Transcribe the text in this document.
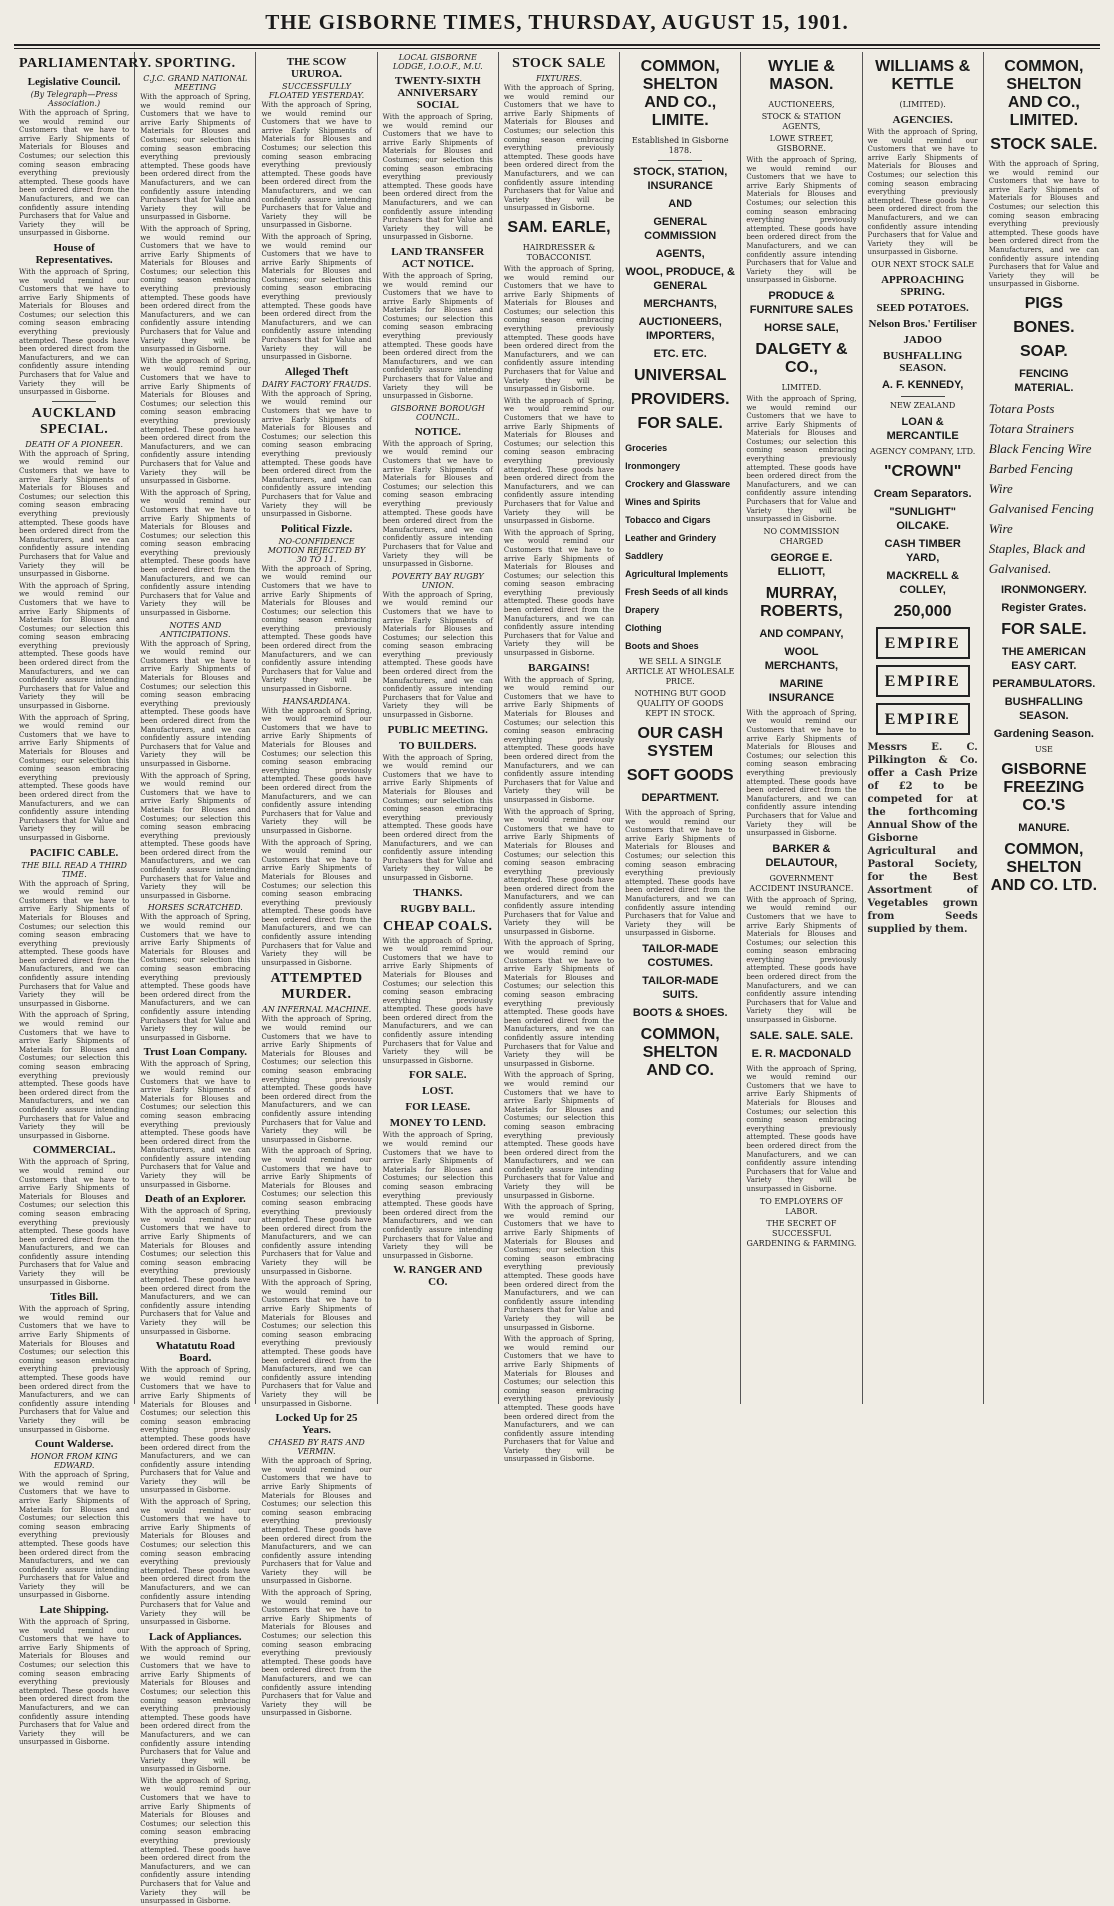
THE GISBORNE TIMES, THURSDAY, AUGUST 15, 1901.
PARLIAMENTARY.
Legislative Council.
(By Telegraph—Press Association.)

With the approach of Spring, we would remind our Customers that we have to arrive Early Shipments of Materials for Blouses and Costumes; our selection this coming season embracing everything previously attempted. These goods have been ordered direct from the Manufacturers, and we can confidently assure intending Purchasers that for Value and Variety they will be unsurpassed in Gisborne.

House of Representatives.

With the approach of Spring, we would remind our Customers that we have to arrive Early Shipments of Materials for Blouses and Costumes; our selection this coming season embracing everything previously attempted. These goods have been ordered direct from the Manufacturers, and we can confidently assure intending Purchasers that for Value and Variety they will be unsurpassed in Gisborne.

AUCKLAND SPECIAL.
DEATH OF A PIONEER.

With the approach of Spring, we would remind our Customers that we have to arrive Early Shipments of Materials for Blouses and Costumes; our selection this coming season embracing everything previously attempted. These goods have been ordered direct from the Manufacturers, and we can confidently assure intending Purchasers that for Value and Variety they will be unsurpassed in Gisborne.

With the approach of Spring, we would remind our Customers that we have to arrive Early Shipments of Materials for Blouses and Costumes; our selection this coming season embracing everything previously attempted. These goods have been ordered direct from the Manufacturers, and we can confidently assure intending Purchasers that for Value and Variety they will be unsurpassed in Gisborne.

With the approach of Spring, we would remind our Customers that we have to arrive Early Shipments of Materials for Blouses and Costumes; our selection this coming season embracing everything previously attempted. These goods have been ordered direct from the Manufacturers, and we can confidently assure intending Purchasers that for Value and Variety they will be unsurpassed in Gisborne.

PACIFIC CABLE.
THE BILL READ A THIRD TIME.

With the approach of Spring, we would remind our Customers that we have to arrive Early Shipments of Materials for Blouses and Costumes; our selection this coming season embracing everything previously attempted. These goods have been ordered direct from the Manufacturers, and we can confidently assure intending Purchasers that for Value and Variety they will be unsurpassed in Gisborne.

With the approach of Spring, we would remind our Customers that we have to arrive Early Shipments of Materials for Blouses and Costumes; our selection this coming season embracing everything previously attempted. These goods have been ordered direct from the Manufacturers, and we can confidently assure intending Purchasers that for Value and Variety they will be unsurpassed in Gisborne.

COMMERCIAL.

With the approach of Spring, we would remind our Customers that we have to arrive Early Shipments of Materials for Blouses and Costumes; our selection this coming season embracing everything previously attempted. These goods have been ordered direct from the Manufacturers, and we can confidently assure intending Purchasers that for Value and Variety they will be unsurpassed in Gisborne.

Titles Bill.

With the approach of Spring, we would remind our Customers that we have to arrive Early Shipments of Materials for Blouses and Costumes; our selection this coming season embracing everything previously attempted. These goods have been ordered direct from the Manufacturers, and we can confidently assure intending Purchasers that for Value and Variety they will be unsurpassed in Gisborne.

Count Walderse.
HONOR FROM KING EDWARD.

With the approach of Spring, we would remind our Customers that we have to arrive Early Shipments of Materials for Blouses and Costumes; our selection this coming season embracing everything previously attempted. These goods have been ordered direct from the Manufacturers, and we can confidently assure intending Purchasers that for Value and Variety they will be unsurpassed in Gisborne.

Late Shipping.

With the approach of Spring, we would remind our Customers that we have to arrive Early Shipments of Materials for Blouses and Costumes; our selection this coming season embracing everything previously attempted. These goods have been ordered direct from the Manufacturers, and we can confidently assure intending Purchasers that for Value and Variety they will be unsurpassed in Gisborne.

SPORTING.
C.J.C. GRAND NATIONAL MEETING

With the approach of Spring, we would remind our Customers that we have to arrive Early Shipments of Materials for Blouses and Costumes; our selection this coming season embracing everything previously attempted. These goods have been ordered direct from the Manufacturers, and we can confidently assure intending Purchasers that for Value and Variety they will be unsurpassed in Gisborne.

With the approach of Spring, we would remind our Customers that we have to arrive Early Shipments of Materials for Blouses and Costumes; our selection this coming season embracing everything previously attempted. These goods have been ordered direct from the Manufacturers, and we can confidently assure intending Purchasers that for Value and Variety they will be unsurpassed in Gisborne.

With the approach of Spring, we would remind our Customers that we have to arrive Early Shipments of Materials for Blouses and Costumes; our selection this coming season embracing everything previously attempted. These goods have been ordered direct from the Manufacturers, and we can confidently assure intending Purchasers that for Value and Variety they will be unsurpassed in Gisborne.

With the approach of Spring, we would remind our Customers that we have to arrive Early Shipments of Materials for Blouses and Costumes; our selection this coming season embracing everything previously attempted. These goods have been ordered direct from the Manufacturers, and we can confidently assure intending Purchasers that for Value and Variety they will be unsurpassed in Gisborne.

NOTES AND ANTICIPATIONS.

With the approach of Spring, we would remind our Customers that we have to arrive Early Shipments of Materials for Blouses and Costumes; our selection this coming season embracing everything previously attempted. These goods have been ordered direct from the Manufacturers, and we can confidently assure intending Purchasers that for Value and Variety they will be unsurpassed in Gisborne.

With the approach of Spring, we would remind our Customers that we have to arrive Early Shipments of Materials for Blouses and Costumes; our selection this coming season embracing everything previously attempted. These goods have been ordered direct from the Manufacturers, and we can confidently assure intending Purchasers that for Value and Variety they will be unsurpassed in Gisborne.

HORSES SCRATCHED.

With the approach of Spring, we would remind our Customers that we have to arrive Early Shipments of Materials for Blouses and Costumes; our selection this coming season embracing everything previously attempted. These goods have been ordered direct from the Manufacturers, and we can confidently assure intending Purchasers that for Value and Variety they will be unsurpassed in Gisborne.

Trust Loan Company.

With the approach of Spring, we would remind our Customers that we have to arrive Early Shipments of Materials for Blouses and Costumes; our selection this coming season embracing everything previously attempted. These goods have been ordered direct from the Manufacturers, and we can confidently assure intending Purchasers that for Value and Variety they will be unsurpassed in Gisborne.

Death of an Explorer.

With the approach of Spring, we would remind our Customers that we have to arrive Early Shipments of Materials for Blouses and Costumes; our selection this coming season embracing everything previously attempted. These goods have been ordered direct from the Manufacturers, and we can confidently assure intending Purchasers that for Value and Variety they will be unsurpassed in Gisborne.

Whatatutu Road Board.

With the approach of Spring, we would remind our Customers that we have to arrive Early Shipments of Materials for Blouses and Costumes; our selection this coming season embracing everything previously attempted. These goods have been ordered direct from the Manufacturers, and we can confidently assure intending Purchasers that for Value and Variety they will be unsurpassed in Gisborne.

With the approach of Spring, we would remind our Customers that we have to arrive Early Shipments of Materials for Blouses and Costumes; our selection this coming season embracing everything previously attempted. These goods have been ordered direct from the Manufacturers, and we can confidently assure intending Purchasers that for Value and Variety they will be unsurpassed in Gisborne.

Lack of Appliances.

With the approach of Spring, we would remind our Customers that we have to arrive Early Shipments of Materials for Blouses and Costumes; our selection this coming season embracing everything previously attempted. These goods have been ordered direct from the Manufacturers, and we can confidently assure intending Purchasers that for Value and Variety they will be unsurpassed in Gisborne.

With the approach of Spring, we would remind our Customers that we have to arrive Early Shipments of Materials for Blouses and Costumes; our selection this coming season embracing everything previously attempted. These goods have been ordered direct from the Manufacturers, and we can confidently assure intending Purchasers that for Value and Variety they will be unsurpassed in Gisborne.

THE SCOW URUROA.
SUCCESSFULLY FLOATED YESTERDAY.

With the approach of Spring, we would remind our Customers that we have to arrive Early Shipments of Materials for Blouses and Costumes; our selection this coming season embracing everything previously attempted. These goods have been ordered direct from the Manufacturers, and we can confidently assure intending Purchasers that for Value and Variety they will be unsurpassed in Gisborne.

With the approach of Spring, we would remind our Customers that we have to arrive Early Shipments of Materials for Blouses and Costumes; our selection this coming season embracing everything previously attempted. These goods have been ordered direct from the Manufacturers, and we can confidently assure intending Purchasers that for Value and Variety they will be unsurpassed in Gisborne.

Alleged Theft
DAIRY FACTORY FRAUDS.

With the approach of Spring, we would remind our Customers that we have to arrive Early Shipments of Materials for Blouses and Costumes; our selection this coming season embracing everything previously attempted. These goods have been ordered direct from the Manufacturers, and we can confidently assure intending Purchasers that for Value and Variety they will be unsurpassed in Gisborne.

Political Fizzle.
NO-CONFIDENCE MOTION REJECTED BY 30 TO 11.

With the approach of Spring, we would remind our Customers that we have to arrive Early Shipments of Materials for Blouses and Costumes; our selection this coming season embracing everything previously attempted. These goods have been ordered direct from the Manufacturers, and we can confidently assure intending Purchasers that for Value and Variety they will be unsurpassed in Gisborne.

HANSARDIANA.

With the approach of Spring, we would remind our Customers that we have to arrive Early Shipments of Materials for Blouses and Costumes; our selection this coming season embracing everything previously attempted. These goods have been ordered direct from the Manufacturers, and we can confidently assure intending Purchasers that for Value and Variety they will be unsurpassed in Gisborne.

With the approach of Spring, we would remind our Customers that we have to arrive Early Shipments of Materials for Blouses and Costumes; our selection this coming season embracing everything previously attempted. These goods have been ordered direct from the Manufacturers, and we can confidently assure intending Purchasers that for Value and Variety they will be unsurpassed in Gisborne.

ATTEMPTED MURDER.
AN INFERNAL MACHINE.

With the approach of Spring, we would remind our Customers that we have to arrive Early Shipments of Materials for Blouses and Costumes; our selection this coming season embracing everything previously attempted. These goods have been ordered direct from the Manufacturers, and we can confidently assure intending Purchasers that for Value and Variety they will be unsurpassed in Gisborne.

With the approach of Spring, we would remind our Customers that we have to arrive Early Shipments of Materials for Blouses and Costumes; our selection this coming season embracing everything previously attempted. These goods have been ordered direct from the Manufacturers, and we can confidently assure intending Purchasers that for Value and Variety they will be unsurpassed in Gisborne.

With the approach of Spring, we would remind our Customers that we have to arrive Early Shipments of Materials for Blouses and Costumes; our selection this coming season embracing everything previously attempted. These goods have been ordered direct from the Manufacturers, and we can confidently assure intending Purchasers that for Value and Variety they will be unsurpassed in Gisborne.

Locked Up for 25 Years.
CHASED BY RATS AND VERMIN.

With the approach of Spring, we would remind our Customers that we have to arrive Early Shipments of Materials for Blouses and Costumes; our selection this coming season embracing everything previously attempted. These goods have been ordered direct from the Manufacturers, and we can confidently assure intending Purchasers that for Value and Variety they will be unsurpassed in Gisborne.

With the approach of Spring, we would remind our Customers that we have to arrive Early Shipments of Materials for Blouses and Costumes; our selection this coming season embracing everything previously attempted. These goods have been ordered direct from the Manufacturers, and we can confidently assure intending Purchasers that for Value and Variety they will be unsurpassed in Gisborne.

LOCAL GISBORNE LODGE, I.O.O.F., M.U.
TWENTY-SIXTH ANNIVERSARY SOCIAL

With the approach of Spring, we would remind our Customers that we have to arrive Early Shipments of Materials for Blouses and Costumes; our selection this coming season embracing everything previously attempted. These goods have been ordered direct from the Manufacturers, and we can confidently assure intending Purchasers that for Value and Variety they will be unsurpassed in Gisborne.

LAND TRANSFER ACT NOTICE.

With the approach of Spring, we would remind our Customers that we have to arrive Early Shipments of Materials for Blouses and Costumes; our selection this coming season embracing everything previously attempted. These goods have been ordered direct from the Manufacturers, and we can confidently assure intending Purchasers that for Value and Variety they will be unsurpassed in Gisborne.

GISBORNE BOROUGH COUNCIL.
NOTICE.

With the approach of Spring, we would remind our Customers that we have to arrive Early Shipments of Materials for Blouses and Costumes; our selection this coming season embracing everything previously attempted. These goods have been ordered direct from the Manufacturers, and we can confidently assure intending Purchasers that for Value and Variety they will be unsurpassed in Gisborne.

POVERTY BAY RUGBY UNION.

With the approach of Spring, we would remind our Customers that we have to arrive Early Shipments of Materials for Blouses and Costumes; our selection this coming season embracing everything previously attempted. These goods have been ordered direct from the Manufacturers, and we can confidently assure intending Purchasers that for Value and Variety they will be unsurpassed in Gisborne.

PUBLIC MEETING.
TO BUILDERS.

With the approach of Spring, we would remind our Customers that we have to arrive Early Shipments of Materials for Blouses and Costumes; our selection this coming season embracing everything previously attempted. These goods have been ordered direct from the Manufacturers, and we can confidently assure intending Purchasers that for Value and Variety they will be unsurpassed in Gisborne.

THANKS.
RUGBY BALL.
CHEAP COALS.

With the approach of Spring, we would remind our Customers that we have to arrive Early Shipments of Materials for Blouses and Costumes; our selection this coming season embracing everything previously attempted. These goods have been ordered direct from the Manufacturers, and we can confidently assure intending Purchasers that for Value and Variety they will be unsurpassed in Gisborne.

FOR SALE.
LOST.
FOR LEASE.
MONEY TO LEND.

With the approach of Spring, we would remind our Customers that we have to arrive Early Shipments of Materials for Blouses and Costumes; our selection this coming season embracing everything previously attempted. These goods have been ordered direct from the Manufacturers, and we can confidently assure intending Purchasers that for Value and Variety they will be unsurpassed in Gisborne.

W. RANGER AND CO.
STOCK SALE
FIXTURES.

With the approach of Spring, we would remind our Customers that we have to arrive Early Shipments of Materials for Blouses and Costumes; our selection this coming season embracing everything previously attempted. These goods have been ordered direct from the Manufacturers, and we can confidently assure intending Purchasers that for Value and Variety they will be unsurpassed in Gisborne.

SAM. EARLE,
HAIRDRESSER & TOBACCONIST.

With the approach of Spring, we would remind our Customers that we have to arrive Early Shipments of Materials for Blouses and Costumes; our selection this coming season embracing everything previously attempted. These goods have been ordered direct from the Manufacturers, and we can confidently assure intending Purchasers that for Value and Variety they will be unsurpassed in Gisborne.

With the approach of Spring, we would remind our Customers that we have to arrive Early Shipments of Materials for Blouses and Costumes; our selection this coming season embracing everything previously attempted. These goods have been ordered direct from the Manufacturers, and we can confidently assure intending Purchasers that for Value and Variety they will be unsurpassed in Gisborne.

With the approach of Spring, we would remind our Customers that we have to arrive Early Shipments of Materials for Blouses and Costumes; our selection this coming season embracing everything previously attempted. These goods have been ordered direct from the Manufacturers, and we can confidently assure intending Purchasers that for Value and Variety they will be unsurpassed in Gisborne.

BARGAINS!

With the approach of Spring, we would remind our Customers that we have to arrive Early Shipments of Materials for Blouses and Costumes; our selection this coming season embracing everything previously attempted. These goods have been ordered direct from the Manufacturers, and we can confidently assure intending Purchasers that for Value and Variety they will be unsurpassed in Gisborne.

With the approach of Spring, we would remind our Customers that we have to arrive Early Shipments of Materials for Blouses and Costumes; our selection this coming season embracing everything previously attempted. These goods have been ordered direct from the Manufacturers, and we can confidently assure intending Purchasers that for Value and Variety they will be unsurpassed in Gisborne.

With the approach of Spring, we would remind our Customers that we have to arrive Early Shipments of Materials for Blouses and Costumes; our selection this coming season embracing everything previously attempted. These goods have been ordered direct from the Manufacturers, and we can confidently assure intending Purchasers that for Value and Variety they will be unsurpassed in Gisborne.

With the approach of Spring, we would remind our Customers that we have to arrive Early Shipments of Materials for Blouses and Costumes; our selection this coming season embracing everything previously attempted. These goods have been ordered direct from the Manufacturers, and we can confidently assure intending Purchasers that for Value and Variety they will be unsurpassed in Gisborne.

With the approach of Spring, we would remind our Customers that we have to arrive Early Shipments of Materials for Blouses and Costumes; our selection this coming season embracing everything previously attempted. These goods have been ordered direct from the Manufacturers, and we can confidently assure intending Purchasers that for Value and Variety they will be unsurpassed in Gisborne.

With the approach of Spring, we would remind our Customers that we have to arrive Early Shipments of Materials for Blouses and Costumes; our selection this coming season embracing everything previously attempted. These goods have been ordered direct from the Manufacturers, and we can confidently assure intending Purchasers that for Value and Variety they will be unsurpassed in Gisborne.

COMMON, SHELTON AND CO., LIMITE.
Established in Gisborne 1878.
STOCK, STATION, INSURANCE
AND
GENERAL COMMISSION
AGENTS,
WOOL, PRODUCE, & GENERAL
MERCHANTS,
AUCTIONEERS, IMPORTERS,
ETC. ETC.
UNIVERSAL
PROVIDERS.
FOR SALE.
Groceries
Ironmongery
Crockery and Glassware
Wines and Spirits
Tobacco and Cigars
Leather and Grindery
Saddlery
Agricultural Implements
Fresh Seeds of all kinds
Drapery
Clothing
Boots and Shoes
WE SELL A SINGLE ARTICLE AT WHOLESALE PRICE.
NOTHING BUT GOOD QUALITY OF GOODS KEPT IN STOCK.
OUR CASH SYSTEM
SOFT GOODS
DEPARTMENT.

With the approach of Spring, we would remind our Customers that we have to arrive Early Shipments of Materials for Blouses and Costumes; our selection this coming season embracing everything previously attempted. These goods have been ordered direct from the Manufacturers, and we can confidently assure intending Purchasers that for Value and Variety they will be unsurpassed in Gisborne.

TAILOR-MADE COSTUMES.
TAILOR-MADE SUITS.
BOOTS & SHOES.
COMMON, SHELTON AND CO.
WYLIE & MASON.
AUCTIONEERS,
STOCK & STATION AGENTS,
LOWE STREET, GISBORNE.

With the approach of Spring, we would remind our Customers that we have to arrive Early Shipments of Materials for Blouses and Costumes; our selection this coming season embracing everything previously attempted. These goods have been ordered direct from the Manufacturers, and we can confidently assure intending Purchasers that for Value and Variety they will be unsurpassed in Gisborne.

PRODUCE & FURNITURE SALES
HORSE SALE,
DALGETY & CO.,
LIMITED.

With the approach of Spring, we would remind our Customers that we have to arrive Early Shipments of Materials for Blouses and Costumes; our selection this coming season embracing everything previously attempted. These goods have been ordered direct from the Manufacturers, and we can confidently assure intending Purchasers that for Value and Variety they will be unsurpassed in Gisborne.

NO COMMISSION CHARGED
GEORGE E. ELLIOTT,
MURRAY, ROBERTS,
AND COMPANY,
WOOL MERCHANTS,
MARINE INSURANCE

With the approach of Spring, we would remind our Customers that we have to arrive Early Shipments of Materials for Blouses and Costumes; our selection this coming season embracing everything previously attempted. These goods have been ordered direct from the Manufacturers, and we can confidently assure intending Purchasers that for Value and Variety they will be unsurpassed in Gisborne.

BARKER & DELAUTOUR,
GOVERNMENT ACCIDENT INSURANCE.

With the approach of Spring, we would remind our Customers that we have to arrive Early Shipments of Materials for Blouses and Costumes; our selection this coming season embracing everything previously attempted. These goods have been ordered direct from the Manufacturers, and we can confidently assure intending Purchasers that for Value and Variety they will be unsurpassed in Gisborne.

SALE. SALE. SALE.
E. R. MACDONALD

With the approach of Spring, we would remind our Customers that we have to arrive Early Shipments of Materials for Blouses and Costumes; our selection this coming season embracing everything previously attempted. These goods have been ordered direct from the Manufacturers, and we can confidently assure intending Purchasers that for Value and Variety they will be unsurpassed in Gisborne.

TO EMPLOYERS OF LABOR.
THE SECRET OF SUCCESSFUL GARDENING & FARMING.
WILLIAMS & KETTLE
(LIMITED).
AGENCIES.

With the approach of Spring, we would remind our Customers that we have to arrive Early Shipments of Materials for Blouses and Costumes; our selection this coming season embracing everything previously attempted. These goods have been ordered direct from the Manufacturers, and we can confidently assure intending Purchasers that for Value and Variety they will be unsurpassed in Gisborne.

OUR NEXT STOCK SALE
APPROACHING SPRING.
SEED POTATOES.
Nelson Bros.' Fertiliser
JADOO
BUSHFALLING SEASON.
A. F. KENNEDY,
NEW ZEALAND
LOAN & MERCANTILE
AGENCY COMPANY, LTD.
"CROWN"
Cream Separators.
"SUNLIGHT" OILCAKE.
CASH TIMBER YARD,
MACKRELL & COLLEY,
250,000
EMPIRE
EMPIRE
EMPIRE

Messrs E. C. Pilkington & Co. offer a Cash Prize of £2 to be competed for at the forthcoming Annual Show of the Gisborne Agricultural and Pastoral Society, for the Best Assortment of Vegetables grown from Seeds supplied by them.

COMMON, SHELTON AND CO., LIMITED.
STOCK SALE.

With the approach of Spring, we would remind our Customers that we have to arrive Early Shipments of Materials for Blouses and Costumes; our selection this coming season embracing everything previously attempted. These goods have been ordered direct from the Manufacturers, and we can confidently assure intending Purchasers that for Value and Variety they will be unsurpassed in Gisborne.

PIGS
BONES.
SOAP.
FENCING MATERIAL.
Totara Posts
Totara Strainers
Black Fencing Wire
Barbed Fencing Wire
Galvanised Fencing Wire
Staples, Black and Galvanised.
IRONMONGERY.
Register Grates.
FOR SALE.
THE AMERICAN EASY CART.
PERAMBULATORS.
BUSHFALLING SEASON.
Gardening Season.
USE
GISBORNE FREEZING CO.'S
MANURE.
COMMON, SHELTON AND CO. LTD.
